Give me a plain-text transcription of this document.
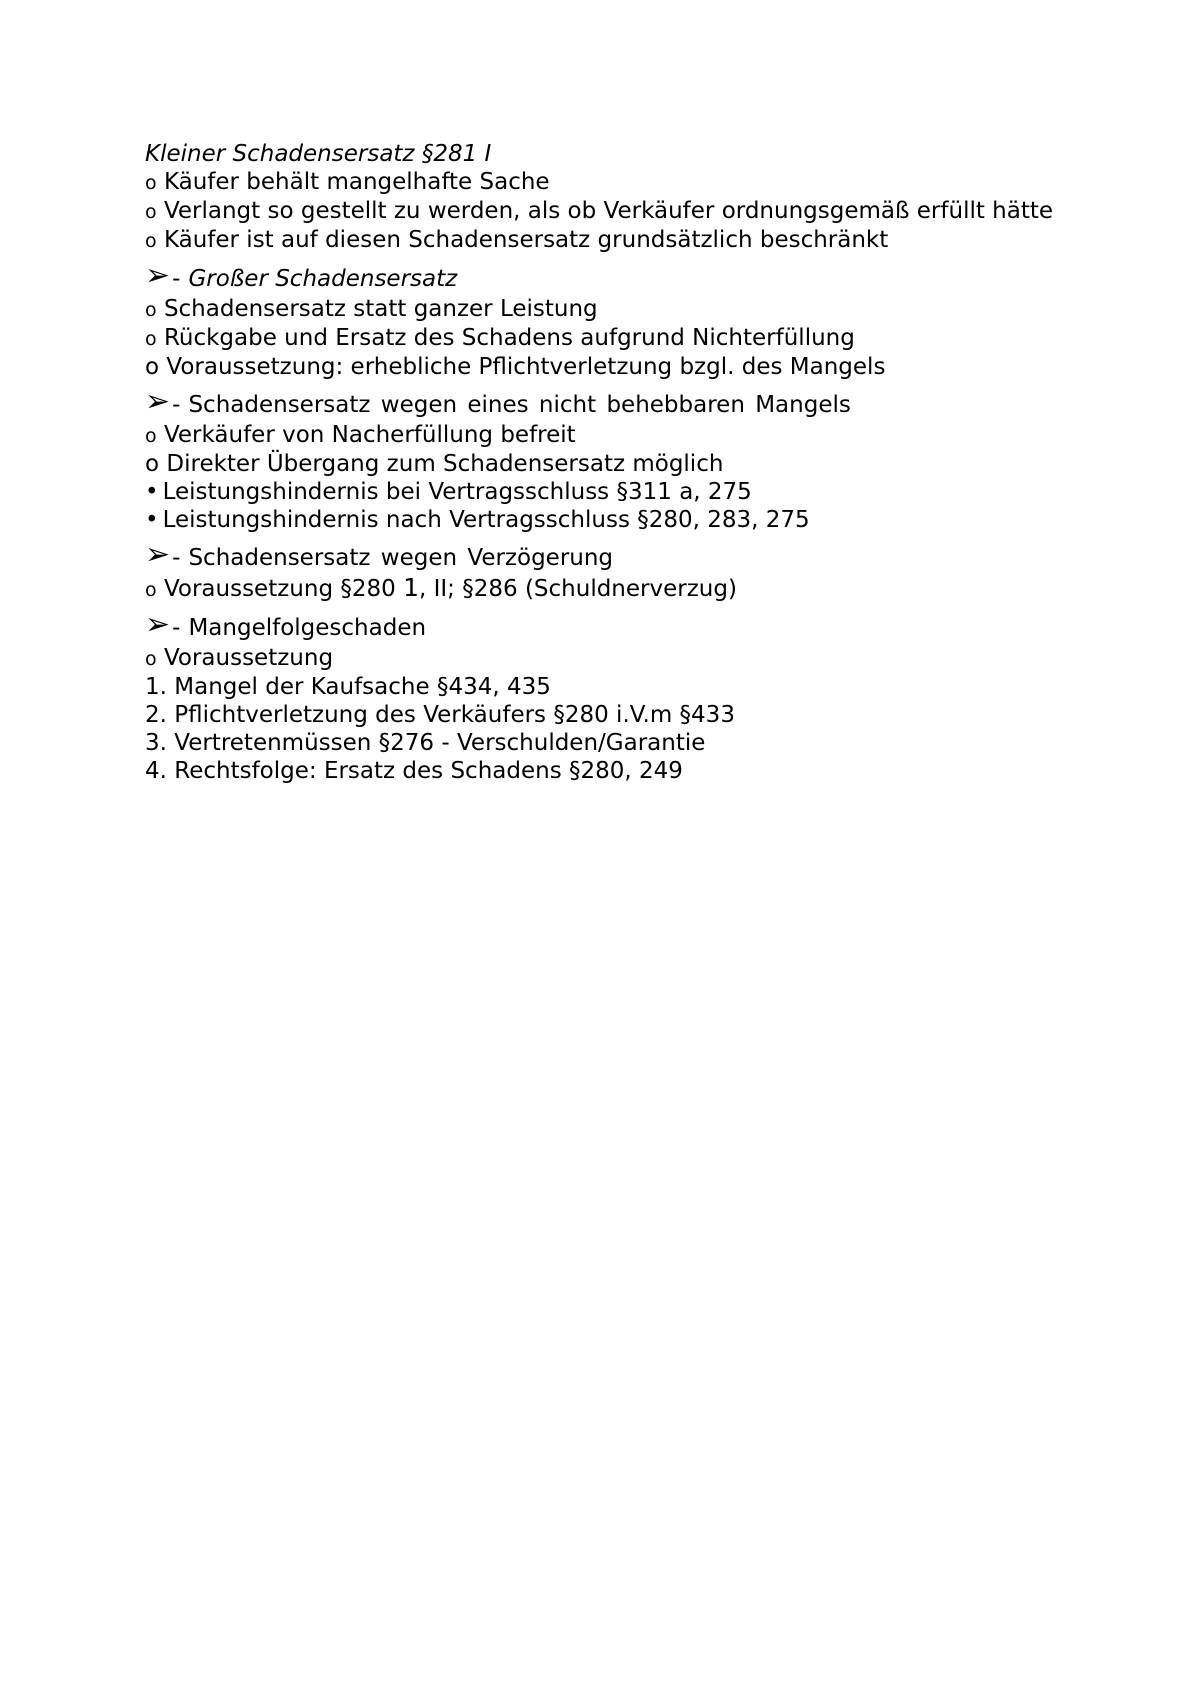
Kleiner Schadensersatz §281 I
o Käufer behält mangelhafte Sache
o Verlangt so gestellt zu werden, als ob Verkäufer ordnungsgemäß erfüllt hätte
o Käufer ist auf diesen Schadensersatz grundsätzlich beschränkt
➢- Großer Schadensersatz
o Schadensersatz statt ganzer Leistung
o Rückgabe und Ersatz des Schadens aufgrund Nichterfüllung
o Voraussetzung: erhebliche Pflichtverletzung bzgl. des Mangels
➢- Schadensersatz wegen eines nicht behebbaren Mangels
o Verkäufer von Nacherfüllung befreit
o Direkter Übergang zum Schadensersatz möglich
• Leistungshindernis bei Vertragsschluss §311 a, 275
• Leistungshindernis nach Vertragsschluss §280, 283, 275
➢- Schadensersatz wegen Verzögerung
o Voraussetzung §280 1, II; §286 (Schuldnerverzug)
➢- Mangelfolgeschaden
o Voraussetzung
1. Mangel der Kaufsache §434, 435
2. Pflichtverletzung des Verkäufers §280 i.V.m §433
3. Vertretenmüssen §276 - Verschulden/Garantie
4. Rechtsfolge: Ersatz des Schadens §280, 249
